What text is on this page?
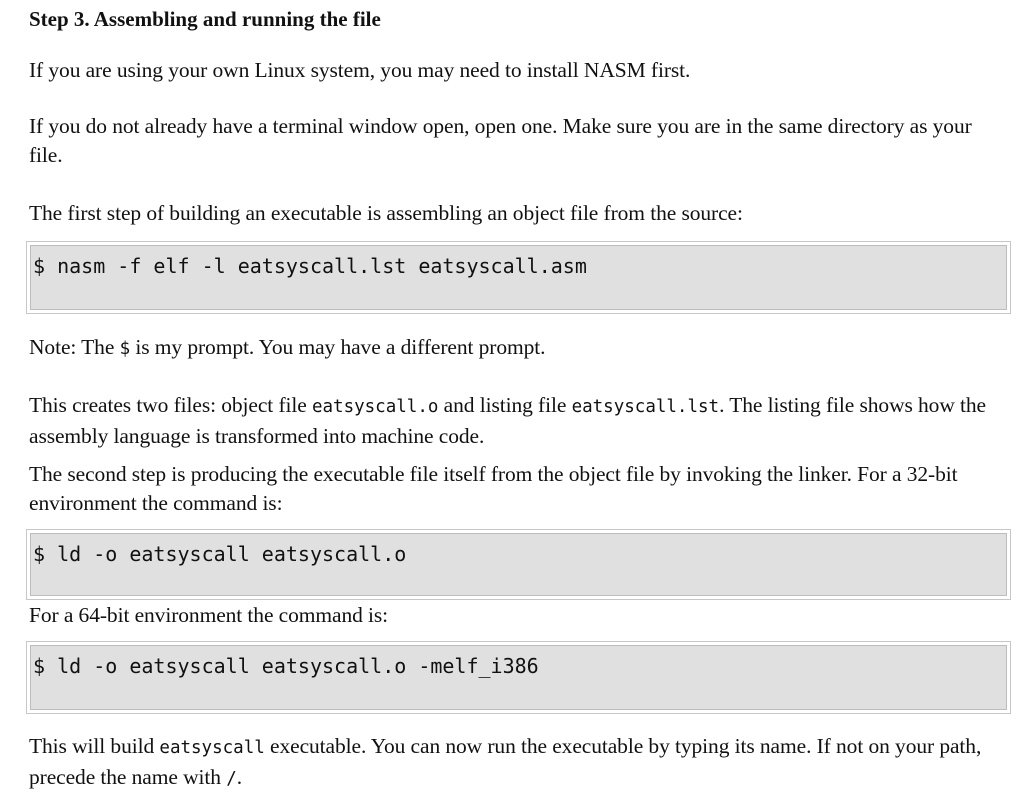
Step 3. Assembling and running the file
If you are using your own Linux system, you may need to install NASM first.
If you do not already have a terminal window open, open one. Make sure you are in the same directory as your file.
The first step of building an executable is assembling an object file from the source:
$ nasm -f elf -l eatsyscall.lst eatsyscall.asm
Note: The $ is my prompt. You may have a different prompt.
This creates two files: object file eatsyscall.o and listing file eatsyscall.lst. The listing file shows how the assembly language is transformed into machine code.
The second step is producing the executable file itself from the object file by invoking the linker. For a 32-bit environment the command is:
$ ld -o eatsyscall eatsyscall.o
For a 64-bit environment the command is:
$ ld -o eatsyscall eatsyscall.o -melf_i386
This will build eatsyscall executable. You can now run the executable by typing its name. If not on your path, precede the name with /.
